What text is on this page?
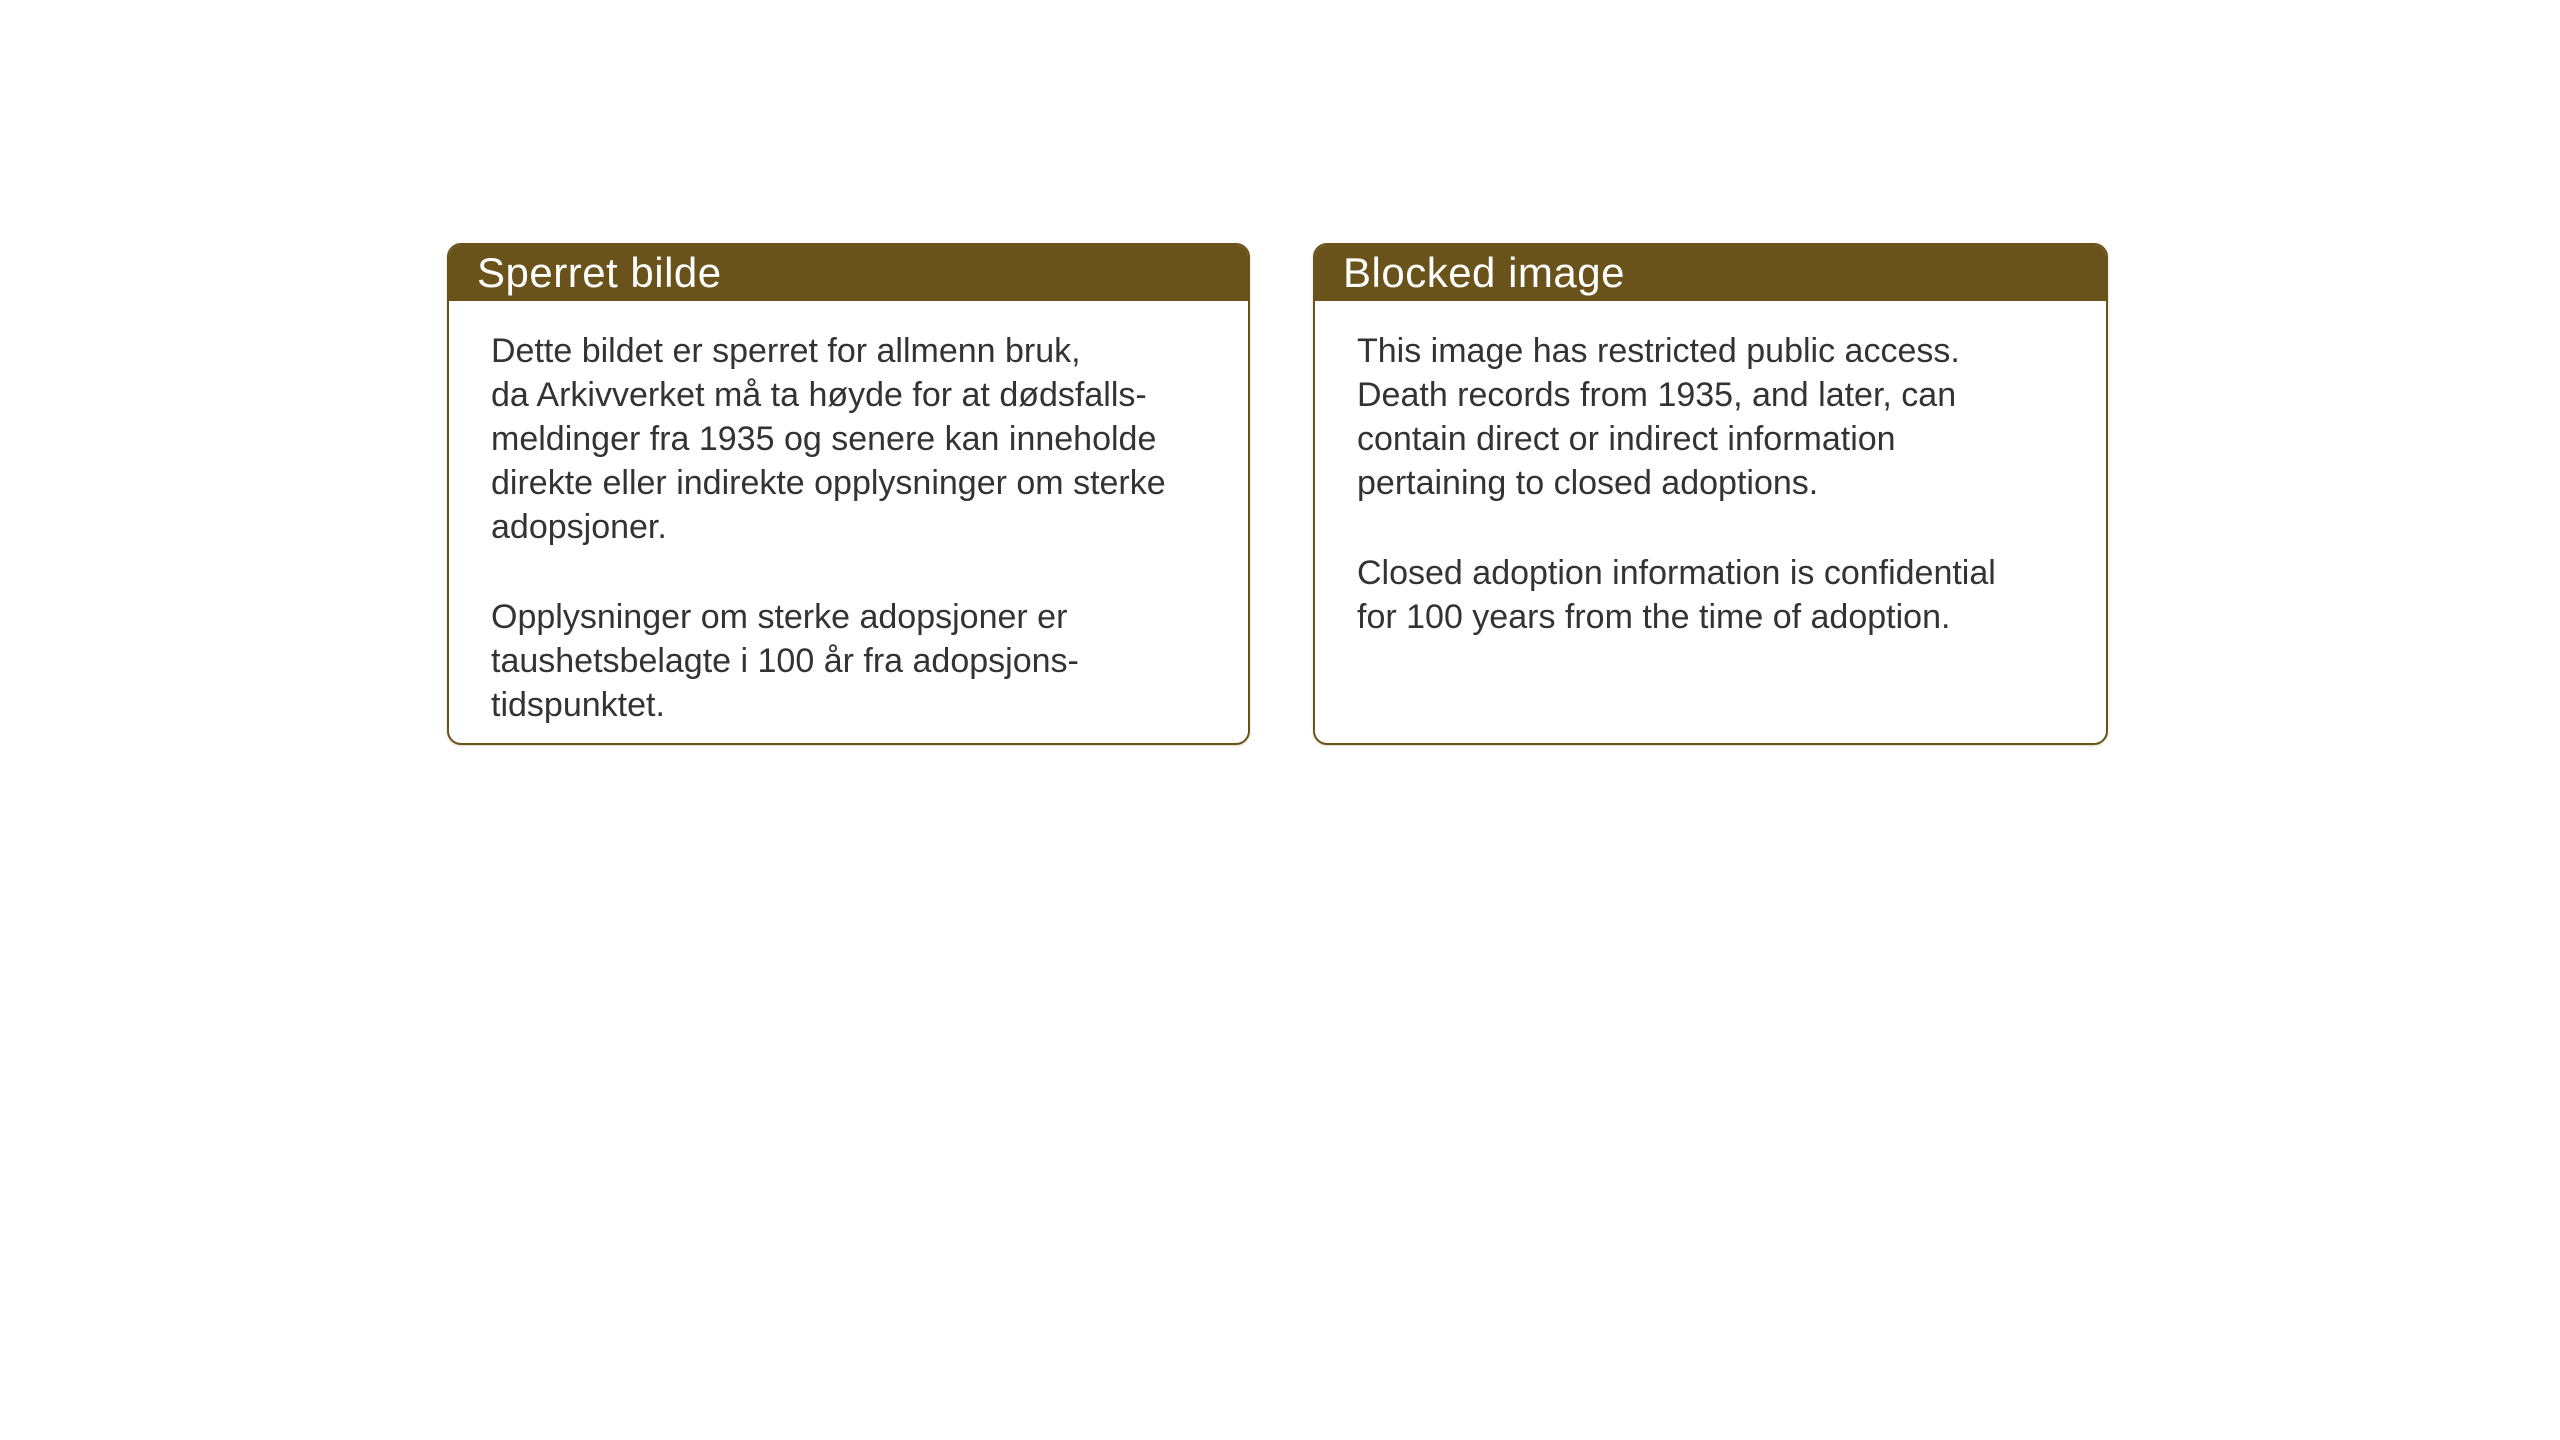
Sperret bilde
Dette bildet er sperret for allmenn bruk,
da Arkivverket må ta høyde for at dødsfalls-
meldinger fra 1935 og senere kan inneholde
direkte eller indirekte opplysninger om sterke
adopsjoner.
Opplysninger om sterke adopsjoner er
taushetsbelagte i 100 år fra adopsjons-
tidspunktet.
Blocked image
This image has restricted public access.
Death records from 1935, and later, can
contain direct or indirect information
pertaining to closed adoptions.
Closed adoption information is confidential
for 100 years from the time of adoption.
